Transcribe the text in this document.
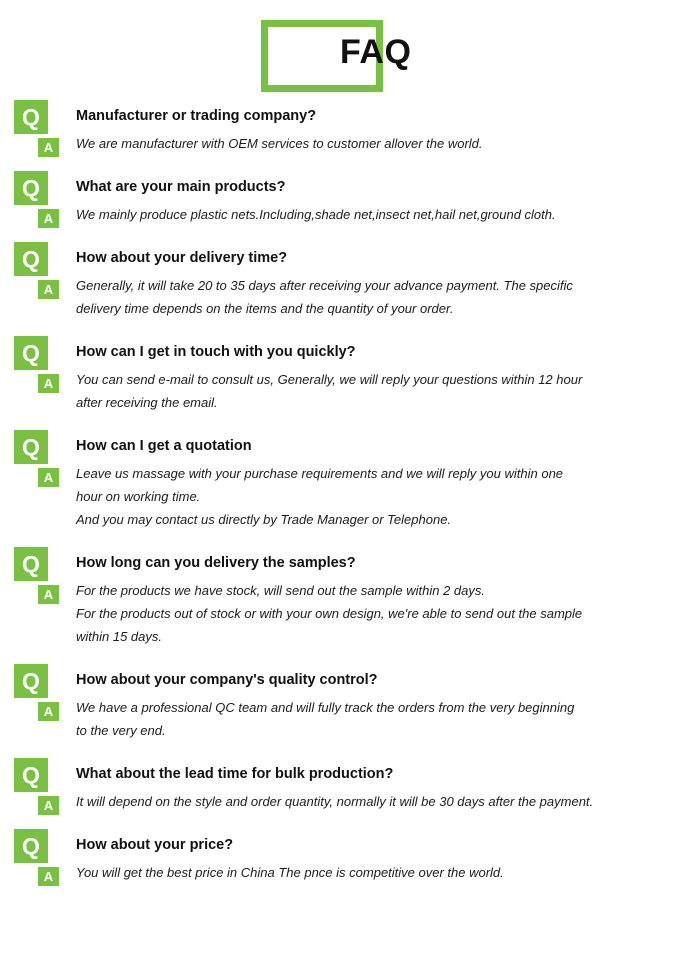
FAQ
Q
A
Manufacturer or trading company?
We are manufacturer with OEM services to customer allover the world.
Q
A
What are your main products?
We mainly produce plastic nets.Including,shade net,insect net,hail net,ground cloth.
Q
A
How about your delivery time?
Generally, it will take 20 to 35 days after receiving your advance payment. The specific
delivery time depends on the items and the quantity of your order.
Q
A
How can I get in touch with you quickly?
You can send e-mail to consult us, Generally, we will reply your questions within 12 hour
after receiving the email.
Q
A
How can I get a quotation
Leave us massage with your purchase requirements and we will reply you within one
hour on working time.
And you may contact us directly by Trade Manager or Telephone.
Q
A
How long can you delivery the samples?
For the products we have stock, will send out the sample within 2 days.
For the products out of stock or with your own design, we're able to send out the sample
within 15 days.
Q
A
How about your company's quality control?
We have a professional QC team and will fully track the orders from the very beginning
to the very end.
Q
A
What about the lead time for bulk production?
It will depend on the style and order quantity, normally it will be 30 days after the payment.
Q
A
How about your price?
You will get the best price in China The pnce is competitive over the world.
